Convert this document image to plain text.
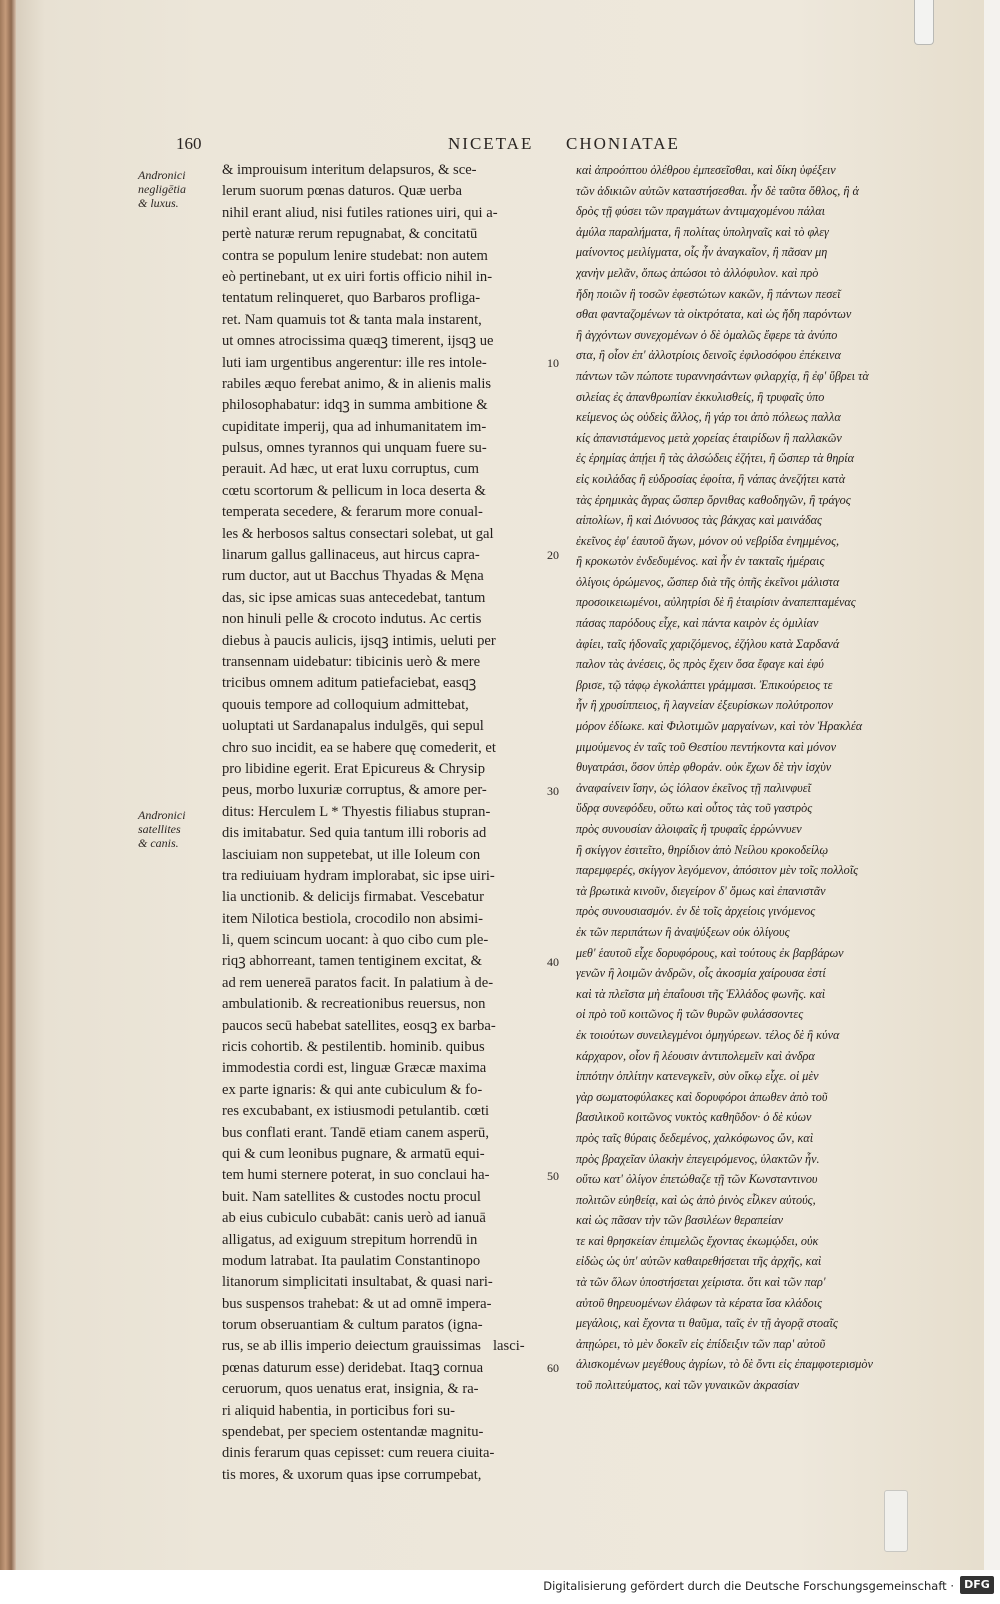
160	NICETAE CHONIATAE
Andronici
negligētia
& luxus.
Andronici
satellites
& canis.
& improuisum interitum delapsuros, & sce-
lerum suorum pœnas daturos. Quæ uerba
nihil erant aliud, nisi futiles rationes uiri, qui a-
pertè naturæ rerum repugnabat, & concitatū
contra se populum lenire studebat: non autem
eò pertinebant, ut ex uiri fortis officio nihil in-
tentatum relinqueret, quo Barbaros profliga-
ret. Nam quamuis tot & tanta mala instarent,
ut omnes atrocissima quæqꝫ timerent, ijsqꝫ ue
luti iam urgentibus angerentur: ille res intole-
rabiles æquo ferebat animo, & in alienis malis
philosophabatur: idqꝫ in summa ambitione &
cupiditate imperij, qua ad inhumanitatem im-
pulsus, omnes tyrannos qui unquam fuere su-
perauit. Ad hæc, ut erat luxu corruptus, cum
cœtu scortorum & pellicum in loca deserta &
temperata secedere, & ferarum more conual-
les & herbosos saltus consectari solebat, ut gal
linarum gallus gallinaceus, aut hircus capra-
rum ductor, aut ut Bacchus Thyadas & Męna
das, sic ipse amicas suas antecedebat, tantum
non hinuli pelle & crocoto indutus. Ac certis
diebus à paucis aulicis, ijsqꝫ intimis, ueluti per
transennam uidebatur: tibicinis uerò & mere
tricibus omnem aditum patiefaciebat, easqꝫ
quouis tempore ad colloquium admittebat,
uoluptati ut Sardanapalus indulgēs, qui sepul
chro suo incidit, ea se habere quę comederit, et
pro libidine egerit. Erat Epicureus & Chrysip
peus, morbo luxuriæ corruptus, & amore per-
ditus: Herculem L * Thyestis filiabus stupran-
dis imitabatur. Sed quia tantum illi roboris ad
lasciuiam non suppetebat, ut ille Ioleum con
tra rediuiuam hydram implorabat, sic ipse uiri-
lia unctionib. & delicijs firmabat. Vescebatur
item Nilotica bestiola, crocodilo non absimi-
li, quem scincum uocant: à quo cibo cum ple-
riqꝫ abhorreant, tamen tentiginem excitat, &
ad rem uenereā paratos facit. In palatium à de-
ambulationib. & recreationibus reuersus, non
paucos secū habebat satellites, eosqꝫ ex barba-
ricis cohortib. & pestilentib. hominib. quibus
immodestia cordi est, linguæ Græcæ maxima
ex parte ignaris: & qui ante cubiculum & fo-
res excubabant, ex istiusmodi petulantib. cœti
bus conflati erant. Tandē etiam canem asperū,
qui & cum leonibus pugnare, & armatū equi-
tem humi sternere poterat, in suo conclaui ha-
buit. Nam satellites & custodes noctu procul
ab eius cubiculo cubabāt: canis uerò ad ianuā
alligatus, ad exiguum strepitum horrendū in
modum latrabat. Ita paulatim Constantinopo
litanorum simplicitati insultabat, & quasi nari-
bus suspensos trahebat: & ut ad omnē impera-
torum obseruantiam & cultum paratos (igna-
rus, se ab illis imperio deiectum grauissimas
pœnas daturum esse) deridebat. Itaqꝫ cornua
ceruorum, quos uenatus erat, insignia, & ra-
ri aliquid habentia, in porticibus fori su-
spendebat, per speciem ostentandæ magnitu-
dinis ferarum quas cepisset: cum reuera ciuita-
tis mores, & uxorum quas ipse corrumpebat,
lasci-
10
20
30
40
50
60
καὶ ἀπροόπτου ὀλέθρου ἐμπεσεῖσθαι, καὶ δίκη ὑφέξειν
τῶν ἀδικιῶν αὐτῶν καταστήσεσθαι. ἦν δὲ ταῦτα ὄθλος, ἢ ἀ
δρὸς τῇ φύσει τῶν πραγμάτων ἀντιμαχομένου πάλαι
ἀμύλα παραλήματα, ἢ πολίτας ὑποληναῖς καὶ τὸ φλεγ
μαίνοντος μειλίγματα, οἷς ἦν ἀναγκαῖον, ἢ πᾶσαν μη
χανὴν μελᾶν, ὅπως ἀπώσοι τὸ ἀλλόφυλον. καὶ πρὸ
ἤδη ποιῶν ἢ τοσῶν ἐφεστώτων κακῶν, ἢ πάντων πεσεῖ
σθαι φανταζομένων τὰ οἰκτρότατα, καὶ ὡς ἤδη παρόντων
ἢ ἀγχόντων συνεχομένων ὁ δὲ ὁμαλῶς ἔφερε τὰ ἀνύπο
στα, ἢ οἷον ἐπ' ἀλλοτρίοις δεινοῖς ἐφιλοσόφου ἐπέκεινα
πάντων τῶν πώποτε τυραννησάντων φιλαρχίᾳ, ἢ ἐφ' ὕβρει τὰ
σιλείας ἐς ἀπανθρωπίαν ἐκκυλισθείς, ἢ τρυφαῖς ὑπο
κείμενος ὡς οὐδεὶς ἄλλος, ἢ γάρ τοι ἀπὸ πόλεως παλλα
κίς ἀπανιστάμενος μετὰ χορείας ἑταιρίδων ἢ παλλακῶν
ἐς ἐρημίας ἀπῄει ἢ τὰς ἀλσώδεις ἐζήτει, ἢ ὥσπερ τὰ θηρία
εἰς κοιλάδας ἢ εὐδροσίας ἐφοίτα, ἢ νάπας ἀνεζήτει κατὰ
τὰς ἐρημικὰς ἄγρας ὥσπερ ὄρνιθας καθοδηγῶν, ἢ τράγος
αἰπολίων, ἢ καὶ Διόνυσος τὰς βάκχας καὶ μαινάδας
ἐκεῖνος ἐφ' ἑαυτοῦ ἄγων, μόνον οὐ νεβρίδα ἐνημμένος,
ἢ κροκωτὸν ἐνδεδυμένος. καὶ ἦν ἐν τακταῖς ἡμέραις
ὀλίγοις ὁρώμενος, ὥσπερ διὰ τῆς ὀπῆς ἐκεῖνοι μάλιστα
προσοικειωμένοι, αὐλητρίσι δὲ ἢ ἑταιρίσιν ἀναπεπταμένας
πάσας παρόδους εἶχε, καὶ πάντα καιρὸν ἐς ὁμιλίαν
ἀφίει, ταῖς ἡδοναῖς χαριζόμενος, ἐζήλου κατὰ Σαρδανά
παλον τὰς ἀνέσεις, ὃς πρὸς ἔχειν ὅσα ἔφαγε καὶ ἐφύ
βρισε, τῷ τάφῳ ἐγκολάπτει γράμμασι. Ἐπικούρειος τε
ἦν ἢ χρυσίππειος, ἢ λαγνείαν ἐξευρίσκων πολύτροπον
μόρον ἐδίωκε. καὶ Φιλοτιμῶν μαργαίνων, καὶ τὸν Ἡρακλέα
μιμούμενος ἐν ταῖς τοῦ Θεστίου πεντήκοντα καὶ μόνον
θυγατράσι, ὅσον ὑπὲρ φθοράν. οὐκ ἔχων δὲ τὴν ἰσχὺν
ἀναφαίνειν ἴσην, ὡς ἰόλαον ἐκεῖνος τῇ παλινφυεῖ
ὕδρᾳ συνεφόδευ, οὕτω καὶ οὗτος τὰς τοῦ γαστρὸς
πρὸς συνουσίαν ἀλοιφαῖς ἢ τρυφαῖς ἐρρώννυεν
ἢ σκίγγον ἐσιτεῖτο, θηρίδιον ἀπὸ Νείλου κροκοδείλῳ
παρεμφερές, σκίγγον λεγόμενον, ἀπόσιτον μὲν τοῖς πολλοῖς
τὰ βρωτικὰ κινοῦν, διεγείρον δ' ὅμως καὶ ἐπανιστᾶν
πρὸς συνουσιασμόν. ἐν δὲ τοῖς ἀρχείοις γινόμενος
ἐκ τῶν περιπάτων ἢ ἀναψύξεων οὐκ ὀλίγους
μεθ' ἑαυτοῦ εἶχε δορυφόρους, καὶ τούτους ἐκ βαρβάρων
γενῶν ἢ λοιμῶν ἀνδρῶν, οἷς ἀκοσμία χαίρουσα ἐστί
καὶ τὰ πλεῖστα μὴ ἐπαΐουσι τῆς Ἑλλάδος φωνῆς. καὶ
οἱ πρὸ τοῦ κοιτῶνος ἢ τῶν θυρῶν φυλάσσοντες
ἐκ τοιούτων συνειλεγμένοι ὁμηγύρεων. τέλος δὲ ἢ κύνα
κάρχαρον, οἷον ἢ λέουσιν ἀντιπολεμεῖν καὶ ἀνδρα
ἱππότην ὁπλίτην κατενεγκεῖν, σὺν οἴκῳ εἶχε. οἱ μὲν
γὰρ σωματοφύλακες καὶ δορυφόροι ἀπωθεν ἀπὸ τοῦ
βασιλικοῦ κοιτῶνος νυκτὸς καθηῦδον· ὁ δὲ κύων
πρὸς ταῖς θύραις δεδεμένος, χαλκόφωνος ὤν, καὶ
πρὸς βραχεῖαν ὑλακὴν ἐπεγειρόμενος, ὑλακτῶν ἦν.
οὕτω κατ' ὀλίγον ἐπετώθαζε τῇ τῶν Κωνσταντινου
πολιτῶν εὐηθείᾳ, καὶ ὡς ἀπὸ ῥινὸς εἷλκεν αὐτούς,
καὶ ὡς πᾶσαν τὴν τῶν βασιλέων θεραπείαν
τε καὶ θρησκείαν ἐπιμελῶς ἔχοντας ἐκωμῴδει, οὐκ
εἰδὼς ὡς ὑπ' αὐτῶν καθαιρεθήσεται τῆς ἀρχῆς, καὶ
τὰ τῶν ὅλων ὑποστήσεται χείριστα. ὅτι καὶ τῶν παρ'
αὐτοῦ θηρευομένων ἐλάφων τὰ κέρατα ἴσα κλάδοις
μεγάλοις, καὶ ἔχοντα τι θαῦμα, ταῖς ἐν τῇ ἀγορᾷ στοαῖς
ἀπῃώρει, τὸ μὲν δοκεῖν εἰς ἐπίδειξιν τῶν παρ' αὐτοῦ
ἁλισκομένων μεγέθους ἀγρίων, τὸ δὲ ὄντι εἰς ἐπαμφοτερισμὸν
τοῦ πολιτεύματος, καὶ τῶν γυναικῶν ἀκρασίαν
Digitalisierung gefördert durch die Deutsche Forschungsgemeinschaft · DFG
